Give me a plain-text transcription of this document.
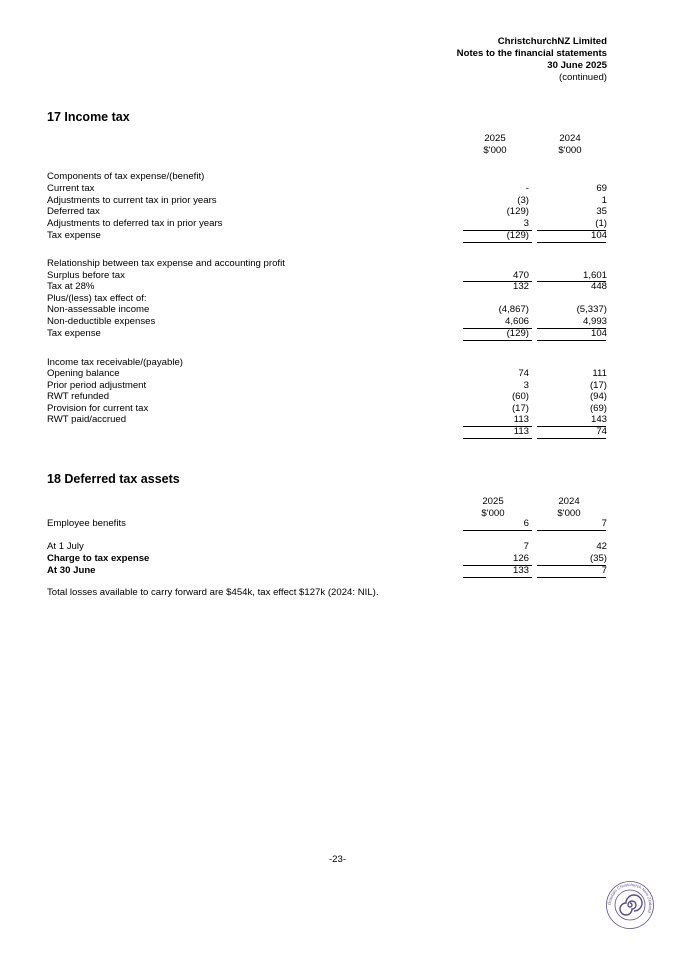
ChristchurchNZ Limited
Notes to the financial statements
30 June 2025
(continued)
17 Income tax
2025
$'000
2024
$'000
Components of tax expense/(benefit)
Current tax	-	69
Adjustments to current tax in prior years	(3)	1
Deferred tax	(129)	35
Adjustments to deferred tax in prior years	3	(1)
Tax expense	(129)	104
Relationship between tax expense and accounting profit
Surplus before tax	470	1,601
Tax at 28%	132	448
Plus/(less) tax effect of:
Non-assessable income	(4,867)	(5,337)
Non-deductible expenses	4,606	4,993
Tax expense	(129)	104
Income tax receivable/(payable)
Opening balance	74	111
Prior period adjustment	3	(17)
RWT refunded	(60)	(94)
Provision for current tax	(17)	(69)
RWT paid/accrued	113	143
113	74
18 Deferred tax assets
2025
$'000
2024
$'000
Employee benefits	6	7
At 1 July	7	42
Charge to tax expense	126	(35)
At 30 June	133	7
Total losses available to carry forward are $454k, tax effect $127k (2024: NIL).
-23-
Ōtautahi Christchurch New Zealand
